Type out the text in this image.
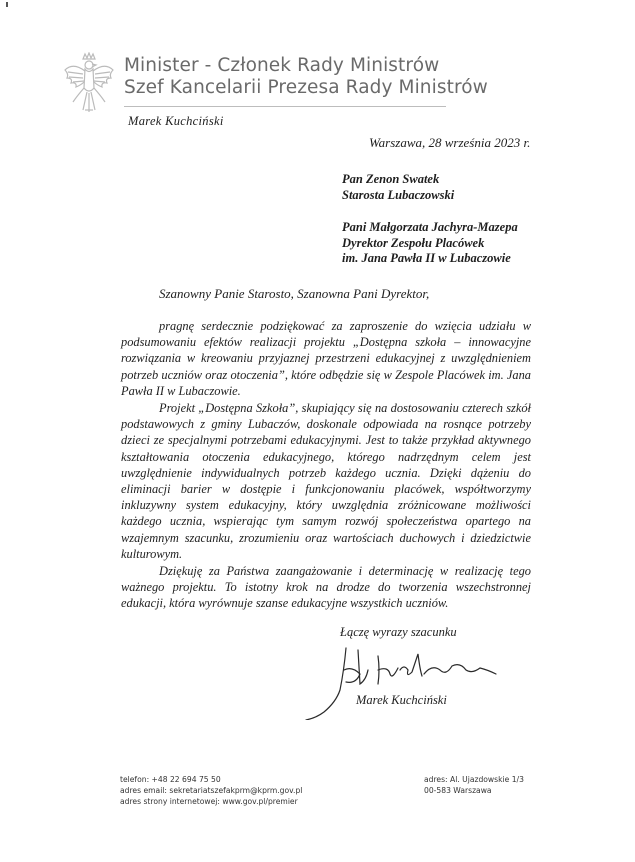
Minister - Członek Rady Ministrów
Szef Kancelarii Prezesa Rady Ministrów
Marek Kuchciński
Warszawa, 28 września 2023 r.
Pan Zenon Swatek
Starosta Lubaczowski
Pani Małgorzata Jachyra-Mazepa
Dyrektor Zespołu Placówek
im. Jana Pawła II w Lubaczowie
Szanowny Panie Starosto, Szanowna Pani Dyrektor,

pragnę serdecznie podziękować za zaproszenie do wzięcia udziału w podsumowaniu efektów realizacji projektu „Dostępna szkoła – innowacyjne rozwiązania w kreowaniu przyjaznej przestrzeni edukacyjnej z uwzględnieniem potrzeb uczniów oraz otoczenia”, które odbędzie się w Zespole Placówek im. Jana Pawła II w Lubaczowie.

Projekt „Dostępna Szkoła”, skupiający się na dostosowaniu czterech szkół podstawowych z gminy Lubaczów, doskonale odpowiada na rosnące potrzeby dzieci ze specjalnymi potrzebami edukacyjnymi. Jest to także przykład aktywnego kształtowania otoczenia edukacyjnego, którego nadrzędnym celem jest uwzględnienie indywidualnych potrzeb każdego ucznia. Dzięki dążeniu do eliminacji barier w dostępie i funkcjonowaniu placówek, współtworzymy inkluzywny system edukacyjny, który uwzględnia zróżnicowane możliwości każdego ucznia, wspierając tym samym rozwój społeczeństwa opartego na wzajemnym szacunku, zrozumieniu oraz wartościach duchowych i dziedzictwie kulturowym.

Dziękuję za Państwa zaangażowanie i determinację w realizację tego ważnego projektu. To istotny krok na drodze do tworzenia wszechstronnej edukacji, która wyrównuje szanse edukacyjne wszystkich uczniów.

Łączę wyrazy szacunku
Marek Kuchciński
telefon: +48 22 694 75 50
adres email: sekretariatszefakprm@kprm.gov.pl
adres strony internetowej: www.gov.pl/premier
adres: Al. Ujazdowskie 1/3
00-583 Warszawa
